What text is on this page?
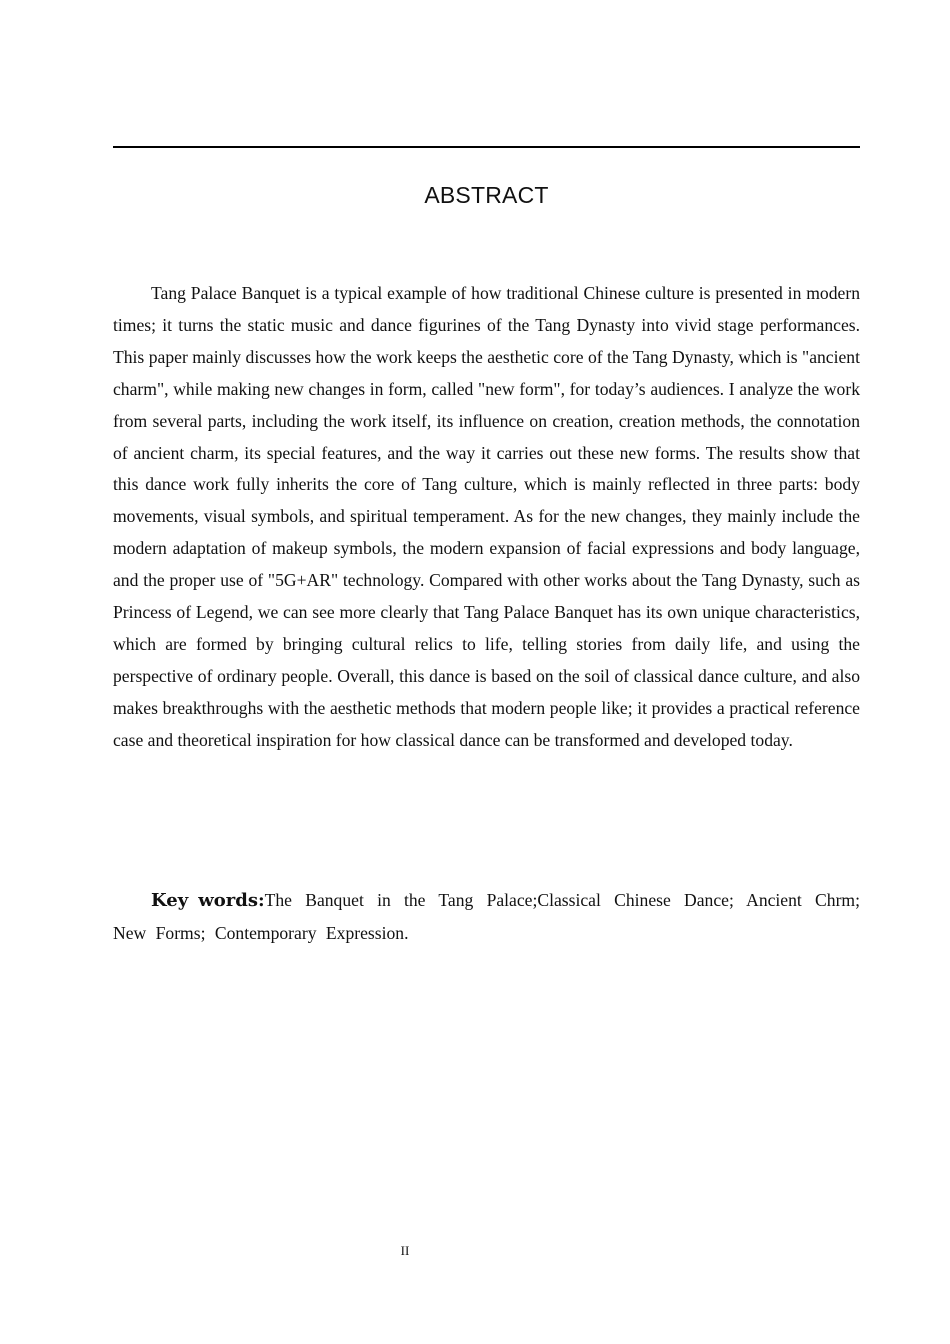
ABSTRACT

Tang Palace Banquet is a typical example of how traditional Chinese culture is presented in modern times; it turns the static music and dance figurines of the Tang Dynasty into vivid stage performances. This paper mainly discusses how the work keeps the aesthetic core of the Tang Dynasty, which is "ancient charm", while making new changes in form, called "new form", for today’s audiences. I analyze the work from several parts, including the work itself, its influence on creation, creation methods, the connotation of ancient charm, its special features, and the way it carries out these new forms. The results show that this dance work fully inherits the core of Tang culture, which is mainly reflected in three parts: body movements, visual symbols, and spiritual temperament. As for the new changes, they mainly include the modern adaptation of makeup symbols, the modern expansion of facial expressions and body language, and the proper use of "5G+AR" technology. Compared with other works about the Tang Dynasty, such as Princess of Legend, we can see more clearly that Tang Palace Banquet has its own unique characteristics, which are formed by bringing cultural relics to life, telling stories from daily life, and using the perspective of ordinary people. Overall, this dance is based on the soil of classical dance culture, and also makes breakthroughs with the aesthetic methods that modern people like; it provides a practical reference case and theoretical inspiration for how classical dance can be transformed and developed today.

Key words:The Banquet in the Tang Palace;Classical Chinese Dance; Ancient Chrm; New Forms; Contemporary Expression.

II
